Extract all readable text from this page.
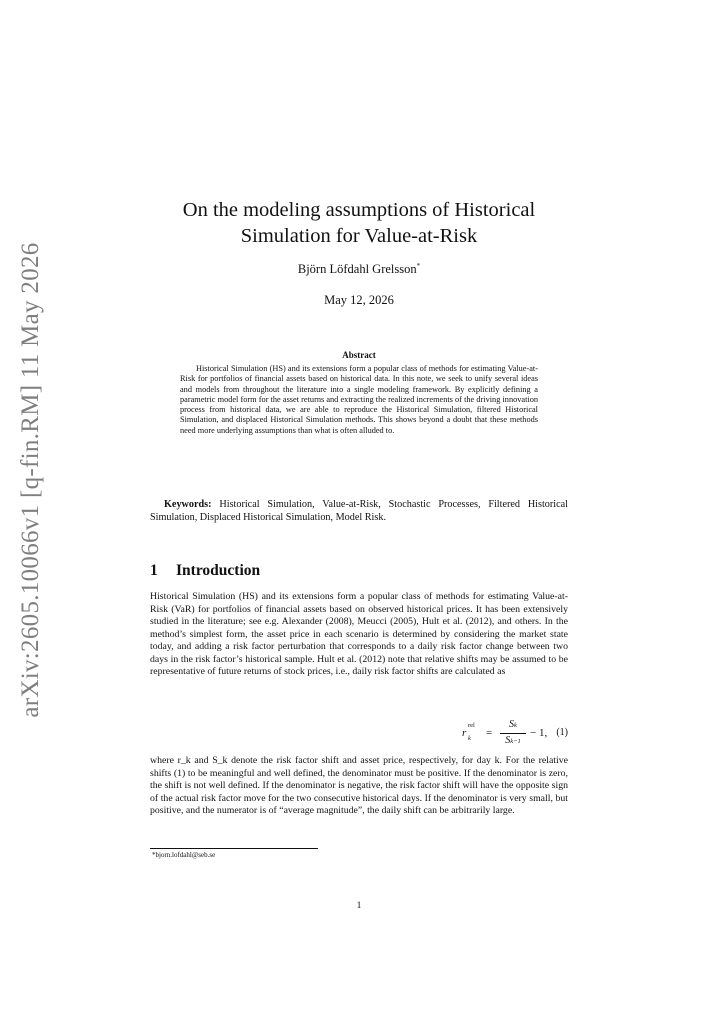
arXiv:2605.10066v1 [q-fin.RM] 11 May 2026
On the modeling assumptions of Historical Simulation for Value-at-Risk
Björn Löfdahl Grelsson*
May 12, 2026
Abstract

Historical Simulation (HS) and its extensions form a popular class of methods for estimating Value-at-Risk for portfolios of financial assets based on historical data. In this note, we seek to unify several ideas and models from throughout the literature into a single modeling framework. By explicitly defining a parametric model form for the asset returns and extracting the realized increments of the driving innovation process from historical data, we are able to reproduce the Historical Simulation, filtered Historical Simulation, and displaced Historical Simulation methods. This shows beyond a doubt that these methods need more underlying assumptions than what is often alluded to.

Keywords: Historical Simulation, Value-at-Risk, Stochastic Processes, Filtered Historical Simulation, Displaced Historical Simulation, Model Risk.

1 Introduction

Historical Simulation (HS) and its extensions form a popular class of methods for estimating Value-at-Risk (VaR) for portfolios of financial assets based on observed historical prices. It has been extensively studied in the literature; see e.g. Alexander (2008), Meucci (2005), Hult et al. (2012), and others. In the method’s simplest form, the asset price in each scenario is determined by considering the market state today, and adding a risk factor perturbation that corresponds to a daily risk factor change between two days in the risk factor’s historical sample. Hult et al. (2012) note that relative shifts may be assumed to be representative of future returns of stock prices, i.e., daily risk factor shifts are calculated as

r
rel
k =
Sk
Sk−1
− 1, (1)

where r_k and S_k denote the risk factor shift and asset price, respectively, for day k. For the relative shifts (1) to be meaningful and well defined, the denominator must be positive. If the denominator is zero, the shift is not well defined. If the denominator is negative, the risk factor shift will have the opposite sign of the actual risk factor move for the two consecutive historical days. If the denominator is very small, but positive, and the numerator is of “average magnitude”, the daily shift can be arbitrarily large.

*bjorn.lofdahl@seb.se
1
